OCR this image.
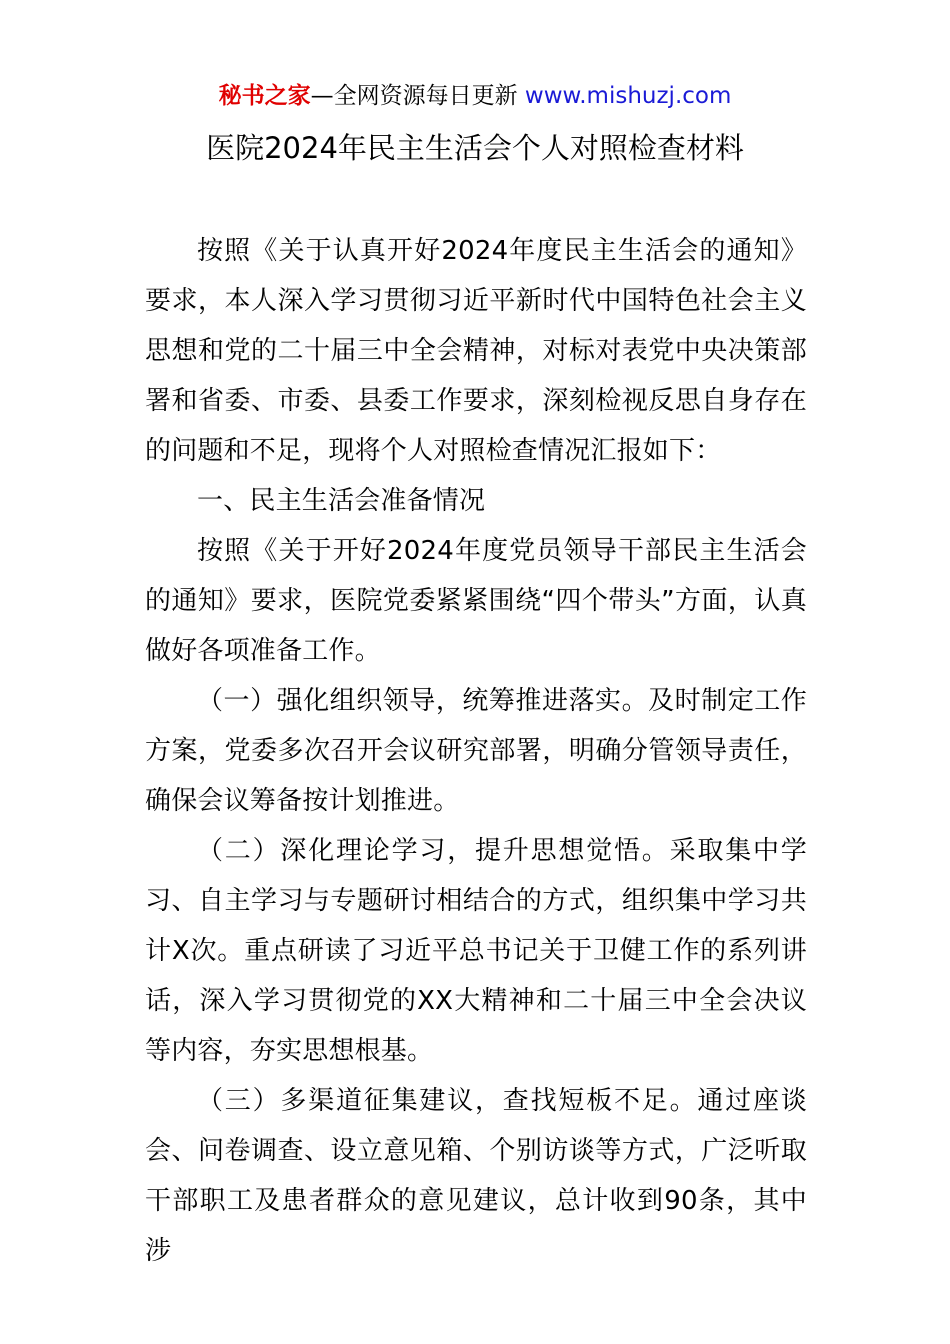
秘书之家—全网资源每日更新 www.mishuzj.com
医院2024年民主生活会个人对照检查材料

按照《关于认真开好2024年度民主生活会的通知》要求，本人深入学习贯彻习近平新时代中国特色社会主义思想和党的二十届三中全会精神，对标对表党中央决策部署和省委、市委、县委工作要求，深刻检视反思自身存在的问题和不足，现将个人对照检查情况汇报如下：

一、民主生活会准备情况

按照《关于开好2024年度党员领导干部民主生活会的通知》要求，医院党委紧紧围绕“四个带头”方面，认真做好各项准备工作。

（一）强化组织领导，统筹推进落实。及时制定工作方案，党委多次召开会议研究部署，明确分管领导责任，确保会议筹备按计划推进。

（二）深化理论学习，提升思想觉悟。采取集中学习、自主学习与专题研讨相结合的方式，组织集中学习共计X次。重点研读了习近平总书记关于卫健工作的系列讲话，深入学习贯彻党的XX大精神和二十届三中全会决议等内容，夯实思想根基。

（三）多渠道征集建议，查找短板不足。通过座谈会、问卷调查、设立意见箱、个别访谈等方式，广泛听取干部职工及患者群众的意见建议，总计收到90条，其中涉
